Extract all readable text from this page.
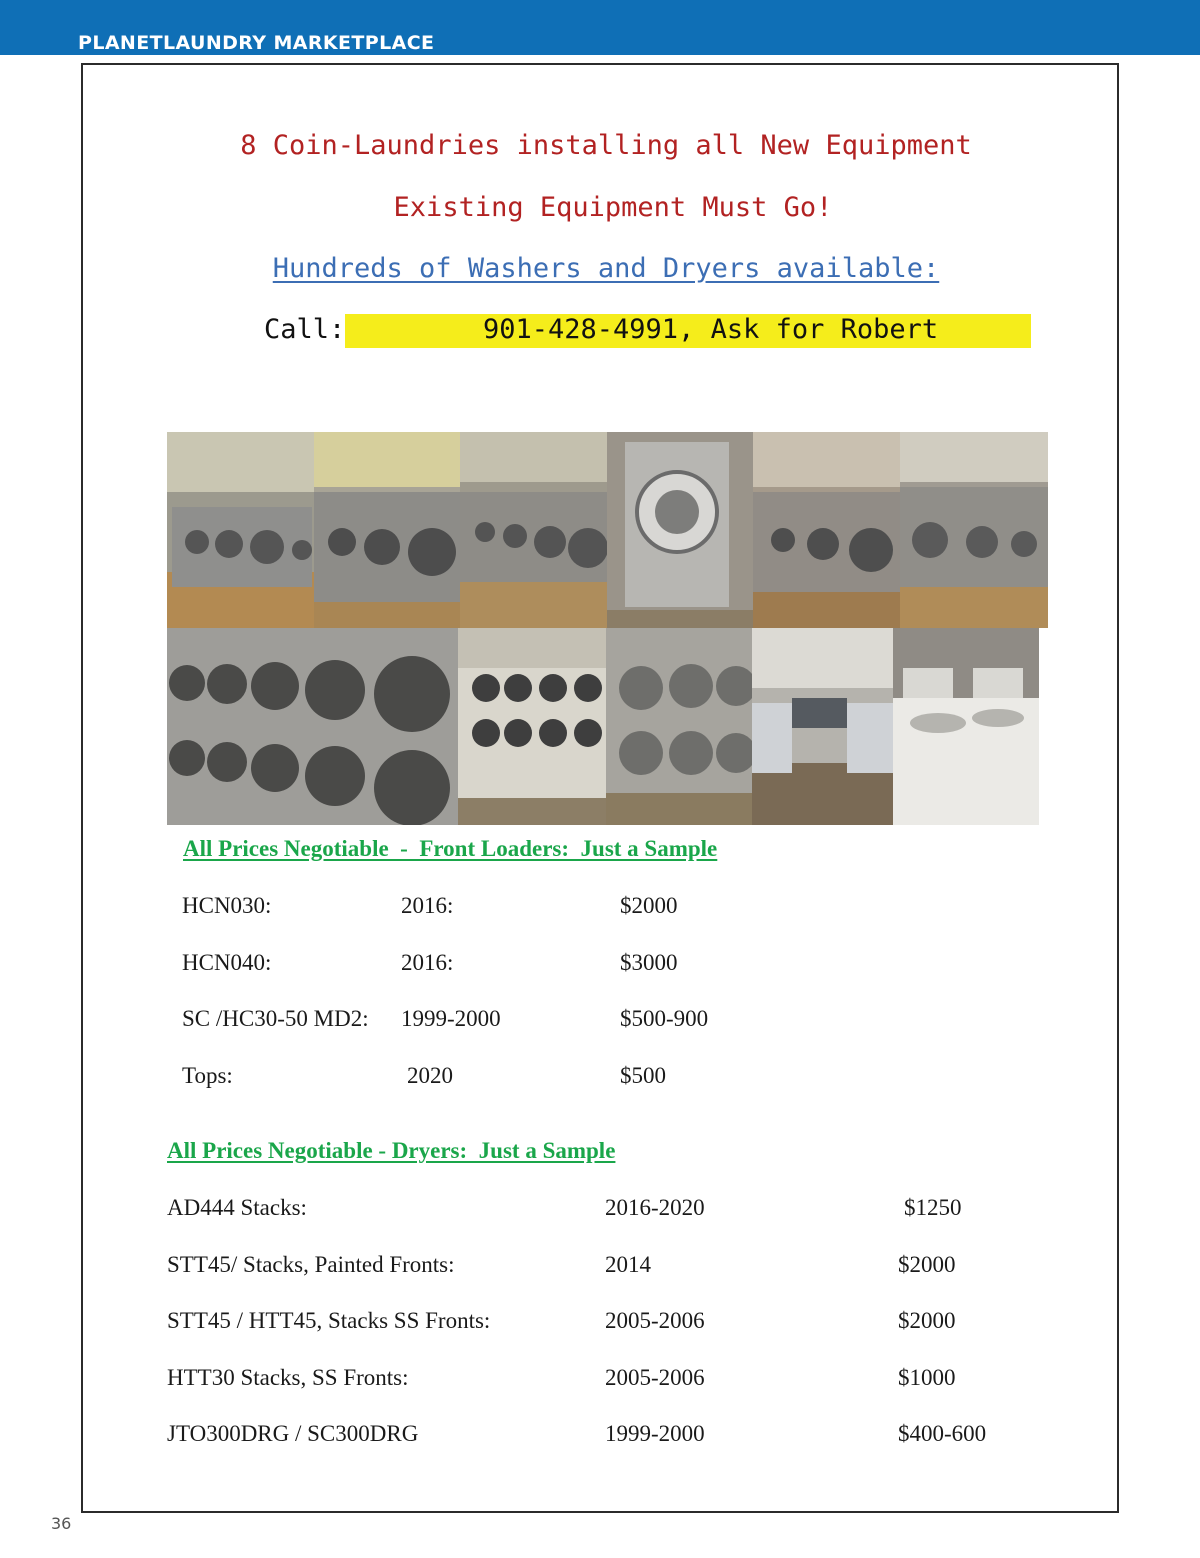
PLANETLAUNDRY MARKETPLACE
8 Coin-Laundries installing all New Equipment
Existing Equipment Must Go!
Hundreds of Washers and Dryers available:
Call:	901-428-4991, Ask for Robert
All Prices Negotiable  -  Front Loaders:  Just a Sample
HCN030:	2016:	$2000
HCN040:	2016:	$3000
SC /HC30-50 MD2: 1999-2000	$500-900
Tops:	2020	$500
All Prices Negotiable - Dryers:  Just a Sample
AD444 Stacks:	2016-2020	$1250
STT45/ Stacks, Painted Fronts:	2014	$2000
STT45 / HTT45, Stacks SS Fronts:	2005-2006	$2000
HTT30 Stacks, SS Fronts:	2005-2006	$1000
JTO300DRG / SC300DRG	1999-2000	$400-600
36
